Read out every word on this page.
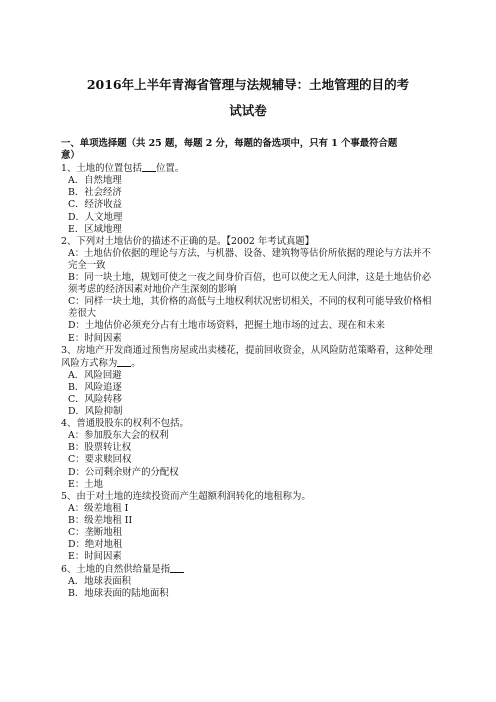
2016年上半年青海省管理与法规辅导：土地管理的目的考
试试卷
一、单项选择题（共 25 题，每题 2 分，每题的备选项中，只有 1 个事最符合题
意）
1、土地的位置包括 位置。
A．自然地理
B．社会经济
C．经济收益
D．人文地理
E．区域地理
2、下列对土地估价的描述不正确的是。【2002 年考试真题】
A：土地估价依据的理论与方法，与机器、设备、建筑物等估价所依据的理论与方法并不完全一致
B：同一块土地，规划可使之一夜之间身价百倍，也可以使之无人问津，这是土地估价必须考虑的经济因素对地价产生深刻的影响
C：同样一块土地，其价格的高低与土地权利状况密切相关，不同的权利可能导致价格相差很大
D：土地估价必须充分占有土地市场资料，把握土地市场的过去、现在和未来
E：时间因素
3、房地产开发商通过预售房屋或出卖楼花，提前回收资金，从风险防范策略看，这种处理风险方式称为 。
A．风险回避
B．风险追逐
C．风险转移
D．风险抑制
4、普通股股东的权利不包括。
A：参加股东大会的权利
B：股票转让权
C：要求赎回权
D：公司剩余财产的分配权
E：土地
5、由于对土地的连续投资而产生超额利润转化的地租称为。
A：级差地租 I
B：级差地租 II
C：垄断地租
D：绝对地租
E：时间因素
6、土地的自然供给量是指
A．地球表面积
B．地球表面的陆地面积
